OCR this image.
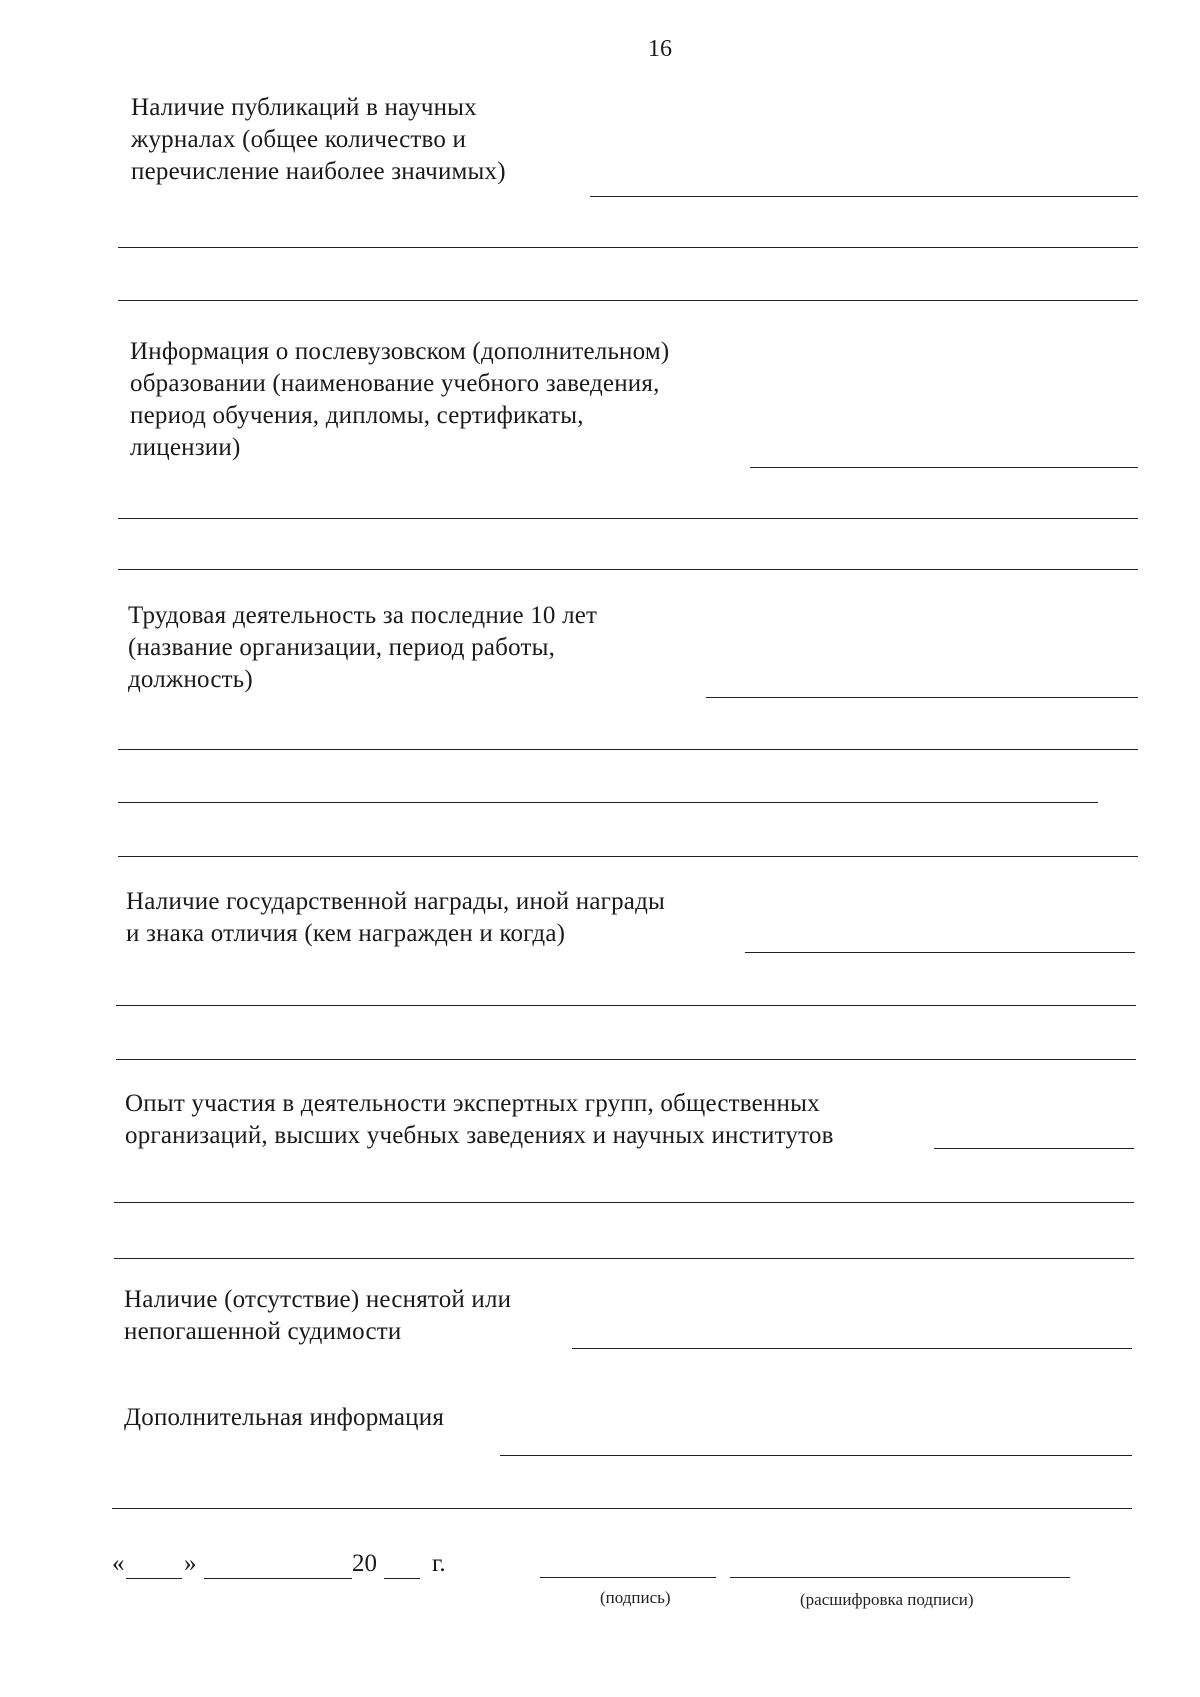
16
Наличие публикаций в научных
журналах (общее количество и
перечисление наиболее значимых)
Информация о послевузовском (дополнительном)
образовании (наименование учебного заведения,
период обучения, дипломы, сертификаты,
лицензии)
Трудовая деятельность за последние 10 лет
(название организации, период работы,
должность)
Наличие государственной награды, иной награды
и знака отличия (кем награжден и когда)
Опыт участия в деятельности экспертных групп, общественных
организаций, высших учебных заведениях и научных институтов
Наличие (отсутствие) неснятой или
непогашенной судимости
Дополнительная информация
« »	20 г.
(подпись)	(расшифровка подписи)
